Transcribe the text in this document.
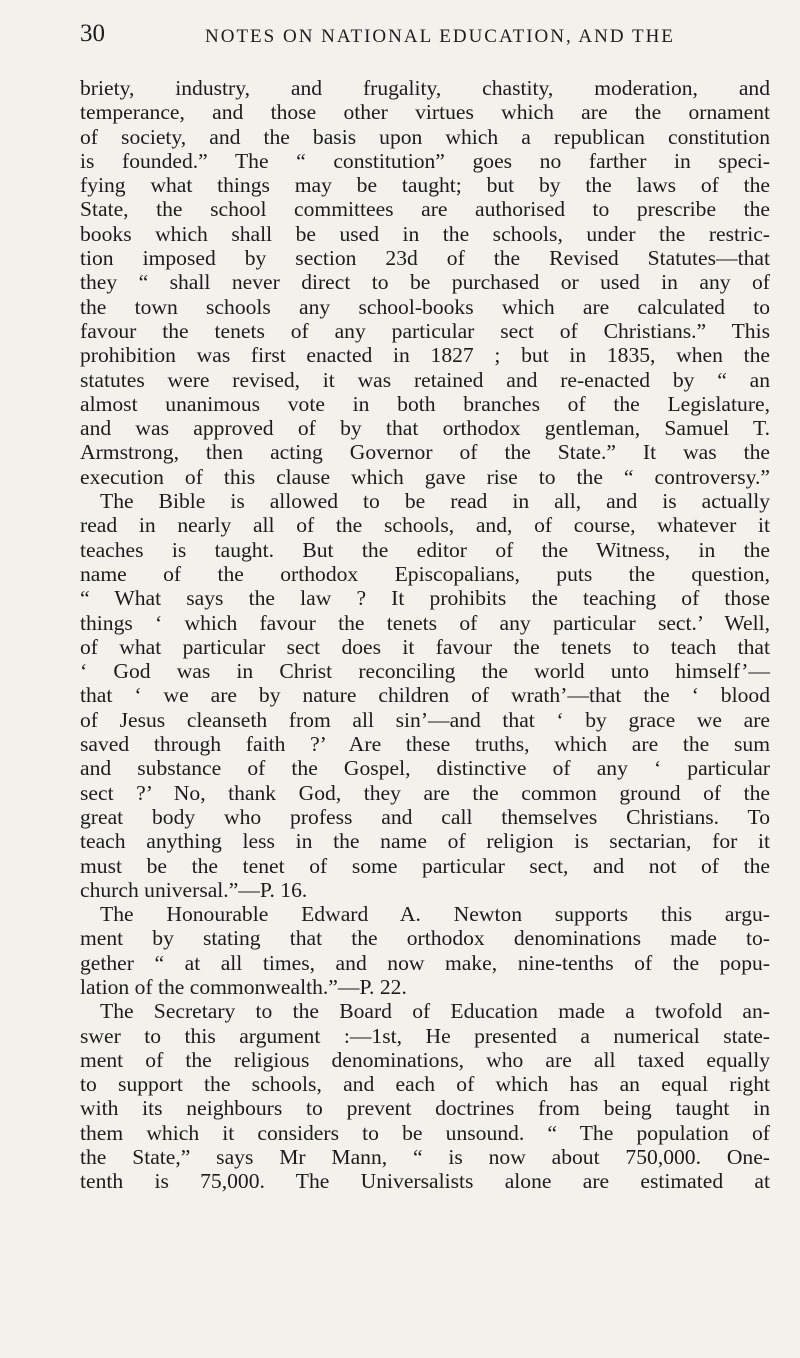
30	NOTES ON NATIONAL EDUCATION, AND THE
briety, industry, and frugality, chastity, moderation, and
temperance, and those other virtues which are the ornament
of society, and the basis upon which a republican constitution
is founded.” The “ constitution” goes no farther in speci-
fying what things may be taught; but by the laws of the
State, the school committees are authorised to prescribe the
books which shall be used in the schools, under the restric-
tion imposed by section 23d of the Revised Statutes—that
they “ shall never direct to be purchased or used in any of
the town schools any school-books which are calculated to
favour the tenets of any particular sect of Christians.” This
prohibition was first enacted in 1827 ; but in 1835, when the
statutes were revised, it was retained and re-enacted by “ an
almost unanimous vote in both branches of the Legislature,
and was approved of by that orthodox gentleman, Samuel T.
Armstrong, then acting Governor of the State.” It was the
execution of this clause which gave rise to the “ controversy.”
The Bible is allowed to be read in all, and is actually
read in nearly all of the schools, and, of course, whatever it
teaches is taught. But the editor of the Witness, in the
name of the orthodox Episcopalians, puts the question,
“ What says the law ? It prohibits the teaching of those
things ‘ which favour the tenets of any particular sect.’ Well,
of what particular sect does it favour the tenets to teach that
‘ God was in Christ reconciling the world unto himself’—
that ‘ we are by nature children of wrath’—that the ‘ blood
of Jesus cleanseth from all sin’—and that ‘ by grace we are
saved through faith ?’ Are these truths, which are the sum
and substance of the Gospel, distinctive of any ‘ particular
sect ?’ No, thank God, they are the common ground of the
great body who profess and call themselves Christians. To
teach anything less in the name of religion is sectarian, for it
must be the tenet of some particular sect, and not of the
church universal.”—P. 16.
The Honourable Edward A. Newton supports this argu-
ment by stating that the orthodox denominations made to-
gether “ at all times, and now make, nine-tenths of the popu-
lation of the commonwealth.”—P. 22.
The Secretary to the Board of Education made a twofold an-
swer to this argument :—1st, He presented a numerical state-
ment of the religious denominations, who are all taxed equally
to support the schools, and each of which has an equal right
with its neighbours to prevent doctrines from being taught in
them which it considers to be unsound. “ The population of
the State,” says Mr Mann, “ is now about 750,000. One-
tenth is 75,000. The Universalists alone are estimated at
